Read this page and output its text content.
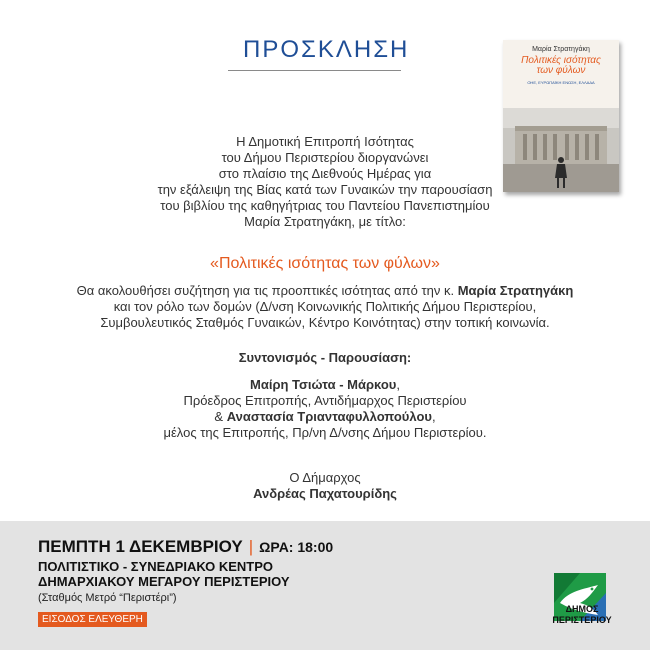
ΠΡΟΣΚΛΗΣΗ	Μαρία Στρατηγάκη
Πολιτικές ισότητας
των φύλων
ΟΗΕ, ΕΥΡΩΠΑΪΚΗ ΕΝΩΣΗ, ΕΛΛΑΔΑ
Η Δημοτική Επιτροπή Ισότητας
του Δήμου Περιστερίου διοργανώνει
στο πλαίσιο της Διεθνούς Ημέρας για
την εξάλειψη της Βίας κατά των Γυναικών την παρουσίαση
του βιβλίου της καθηγήτριας του Παντείου Πανεπιστημίου
Μαρία Στρατηγάκη, με τίτλο:
«Πολιτικές ισότητας των φύλων»
Θα ακολουθήσει συζήτηση για τις προοπτικές ισότητας από την κ. Μαρία Στρατηγάκη
και τον ρόλο των δομών (Δ/νση Κοινωνικής Πολιτικής Δήμου Περιστερίου,
Συμβουλευτικός Σταθμός Γυναικών, Κέντρο Κοινότητας) στην τοπική κοινωνία.
Συντονισμός - Παρουσίαση:
Μαίρη Τσιώτα - Μάρκου,
Πρόεδρος Επιτροπής, Αντιδήμαρχος Περιστερίου
& Αναστασία Τριανταφυλλοπούλου,
μέλος της Επιτροπής, Πρ/νη Δ/νσης Δήμου Περιστερίου.
Ο Δήμαρχος
Ανδρέας Παχατουρίδης
ΠΕΜΠΤΗ 1 ΔΕΚΕΜΒΡΙΟΥ | ΩΡΑ: 18:00
ΠΟΛΙΤΙΣΤΙΚΟ - ΣΥΝΕΔΡΙΑΚΟ ΚΕΝΤΡΟ
ΔΗΜΑΡΧΙΑΚΟΥ ΜΕΓΑΡΟΥ ΠΕΡΙΣΤΕΡΙΟΥ
(Σταθμός Μετρό “Περιστέρι”)
ΕΙΣΟΔΟΣ ΕΛΕΥΘΕΡΗ
ΔΗΜΟΣ
ΠΕΡΙΣΤΕΡΙΟΥ
